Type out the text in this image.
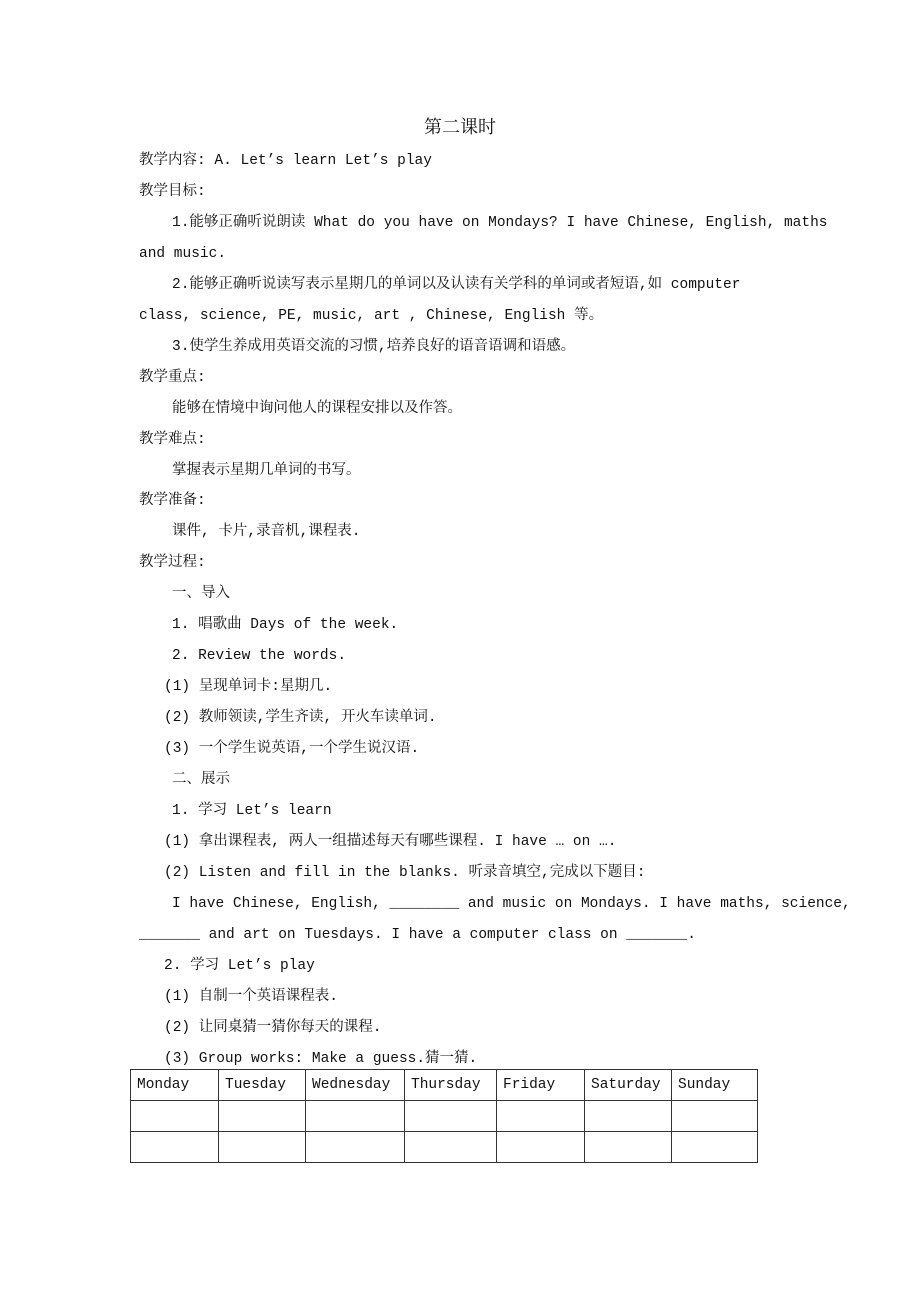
第二课时
教学内容: A. Let’s learn Let’s play
教学目标:
1.能够正确听说朗读 What do you have on Mondays? I have Chinese, English, maths
and music.
2.能够正确听说读写表示星期几的单词以及认读有关学科的单词或者短语,如 computer
class, science, PE, music, art , Chinese, English 等。
3.使学生养成用英语交流的习惯,培养良好的语音语调和语感。
教学重点:
能够在情境中询问他人的课程安排以及作答。
教学难点:
掌握表示星期几单词的书写。
教学准备:
课件, 卡片,录音机,课程表.
教学过程:
一、导入
1. 唱歌曲 Days of the week.
2. Review the words.
(1) 呈现单词卡:星期几.
(2) 教师领读,学生齐读, 开火车读单词.
(3) 一个学生说英语,一个学生说汉语.
二、展示
1. 学习 Let’s learn
(1) 拿出课程表, 两人一组描述每天有哪些课程. I have … on ….
(2) Listen and fill in the blanks. 听录音填空,完成以下题目:
I have Chinese, English, ________ and music on Mondays. I have maths, science,
_______ and art on Tuesdays. I have a computer class on _______.
2. 学习 Let’s play
(1) 自制一个英语课程表.
(2) 让同桌猜一猜你每天的课程.
(3) Group works: Make a guess.猜一猜.
Monday	Tuesday	Wednesday	Thursday	Friday	Saturday	Sunday
